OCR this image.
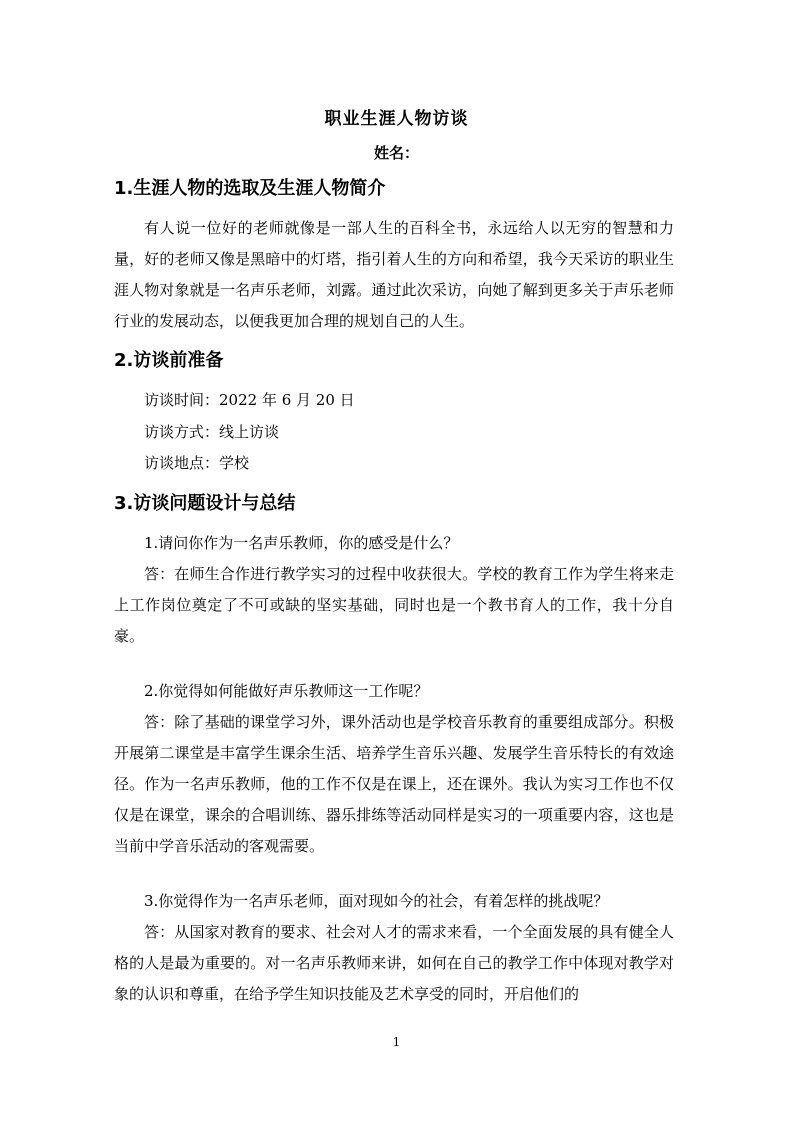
职业生涯人物访谈
姓名：
1.生涯人物的选取及生涯人物简介

有人说一位好的老师就像是一部人生的百科全书，永远给人以无穷的智慧和力量，好的老师又像是黑暗中的灯塔，指引着人生的方向和希望，我今天采访的职业生涯人物对象就是一名声乐老师，刘露。通过此次采访，向她了解到更多关于声乐老师行业的发展动态，以便我更加合理的规划自己的人生。

2.访谈前准备

访谈时间：2022 年 6 月 20 日

访谈方式：线上访谈

访谈地点：学校

3.访谈问题设计与总结

1.请问你作为一名声乐教师，你的感受是什么？

答：在师生合作进行教学实习的过程中收获很大。学校的教育工作为学生将来走上工作岗位奠定了不可或缺的坚实基础，同时也是一个教书育人的工作，我十分自豪。

2.你觉得如何能做好声乐教师这一工作呢？

答：除了基础的课堂学习外，课外活动也是学校音乐教育的重要组成部分。积极开展第二课堂是丰富学生课余生活、培养学生音乐兴趣、发展学生音乐特长的有效途径。作为一名声乐教师，他的工作不仅是在课上，还在课外。我认为实习工作也不仅仅是在课堂，课余的合唱训练、器乐排练等活动同样是实习的一项重要内容，这也是当前中学音乐活动的客观需要。

3.你觉得作为一名声乐老师，面对现如今的社会，有着怎样的挑战呢？

答：从国家对教育的要求、社会对人才的需求来看，一个全面发展的具有健全人格的人是最为重要的。对一名声乐教师来讲，如何在自己的教学工作中体现对教学对象的认识和尊重，在给予学生知识技能及艺术享受的同时，开启他们的

1
